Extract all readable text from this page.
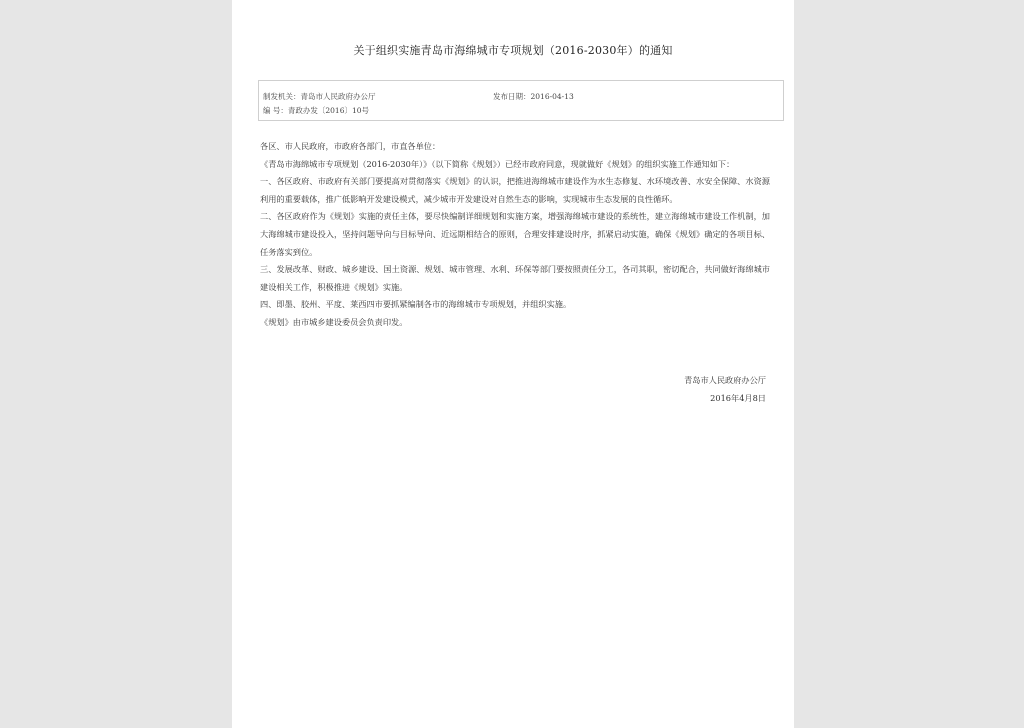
关于组织实施青岛市海绵城市专项规划（2016-2030年）的通知
制发机关：青岛市人民政府办公厅	发布日期：2016-04-13
编 号：青政办发〔2016〕10号

各区、市人民政府，市政府各部门，市直各单位：

《青岛市海绵城市专项规划（2016-2030年）》（以下简称《规划》）已经市政府同意，现就做好《规划》的组织实施工作通知如下：

一、各区政府、市政府有关部门要提高对贯彻落实《规划》的认识，把推进海绵城市建设作为水生态修复、水环境改善、水安全保障、水资源利用的重要载体，推广低影响开发建设模式，减少城市开发建设对自然生态的影响，实现城市生态发展的良性循环。

二、各区政府作为《规划》实施的责任主体，要尽快编制详细规划和实施方案，增强海绵城市建设的系统性，建立海绵城市建设工作机制，加大海绵城市建设投入，坚持问题导向与目标导向、近远期相结合的原则，合理安排建设时序，抓紧启动实施，确保《规划》确定的各项目标、任务落实到位。

三、发展改革、财政、城乡建设、国土资源、规划、城市管理、水利、环保等部门要按照责任分工，各司其职，密切配合，共同做好海绵城市建设相关工作，积极推进《规划》实施。

四、即墨、胶州、平度、莱西四市要抓紧编制各市的海绵城市专项规划，并组织实施。

《规划》由市城乡建设委员会负责印发。

青岛市人民政府办公厅
2016年4月8日
